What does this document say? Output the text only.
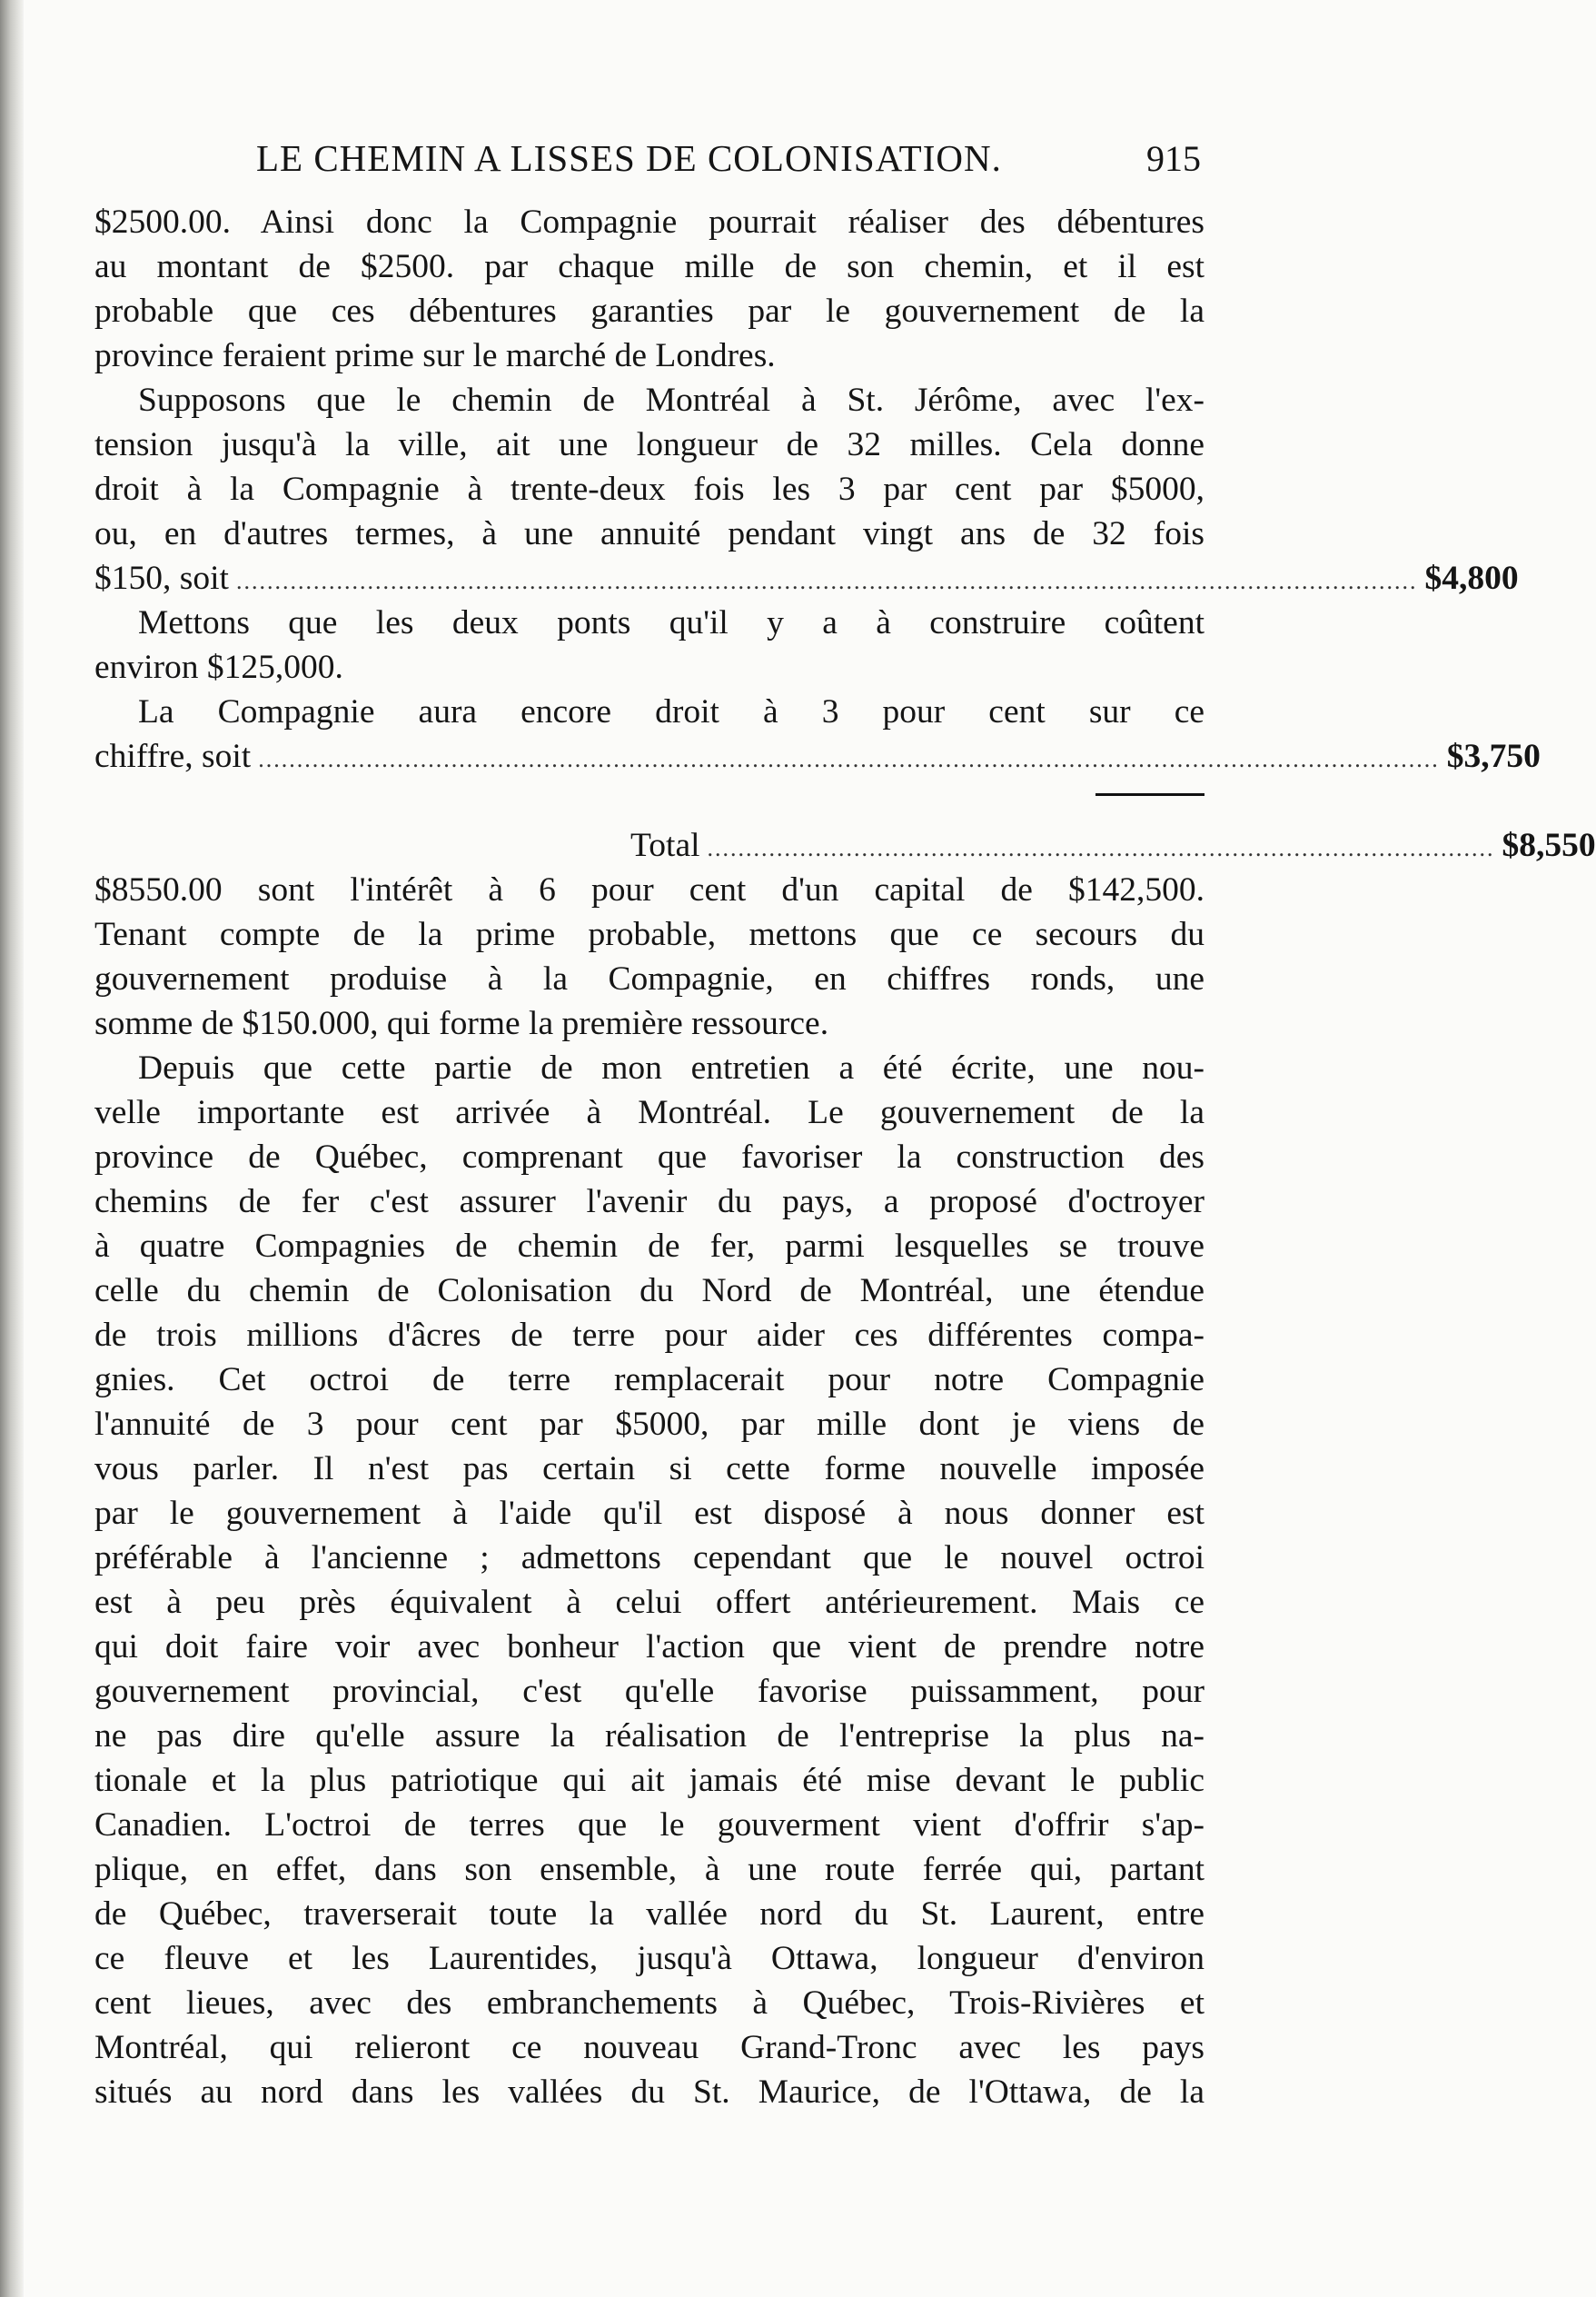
LE CHEMIN A LISSES DE COLONISATION.	915
$2500.00. Ainsi donc la Compagnie pourrait réaliser des débentures
au montant de $2500. par chaque mille de son chemin, et il est
probable que ces débentures garanties par le gouvernement de la
province feraient prime sur le marché de Londres.
Supposons que le chemin de Montréal à St. Jérôme, avec l'ex-
tension jusqu'à la ville, ait une longueur de 32 milles. Cela donne
droit à la Compagnie à trente-deux fois les 3 par cent par $5000,
ou, en d'autres termes, à une annuité pendant vingt ans de 32 fois
$150, soit ......................................................................................................................................................... $4,800
Mettons que les deux ponts qu'il y a à construire coûtent
environ $125,000.
La Compagnie aura encore droit à 3 pour cent sur ce
chiffre, soit ......................................................................................................................................................... $3,750
Total ...................................................................................................... $8,550
$8550.00 sont l'intérêt à 6 pour cent d'un capital de $142,500.
Tenant compte de la prime probable, mettons que ce secours du
gouvernement produise à la Compagnie, en chiffres ronds, une
somme de $150.000, qui forme la première ressource.
Depuis que cette partie de mon entretien a été écrite, une nou-
velle importante est arrivée à Montréal. Le gouvernement de la
province de Québec, comprenant que favoriser la construction des
chemins de fer c'est assurer l'avenir du pays, a proposé d'octroyer
à quatre Compagnies de chemin de fer, parmi lesquelles se trouve
celle du chemin de Colonisation du Nord de Montréal, une étendue
de trois millions d'âcres de terre pour aider ces différentes compa-
gnies. Cet octroi de terre remplacerait pour notre Compagnie
l'annuité de 3 pour cent par $5000, par mille dont je viens de
vous parler. Il n'est pas certain si cette forme nouvelle imposée
par le gouvernement à l'aide qu'il est disposé à nous donner est
préférable à l'ancienne ; admettons cependant que le nouvel octroi
est à peu près équivalent à celui offert antérieurement. Mais ce
qui doit faire voir avec bonheur l'action que vient de prendre notre
gouvernement provincial, c'est qu'elle favorise puissamment, pour
ne pas dire qu'elle assure la réalisation de l'entreprise la plus na-
tionale et la plus patriotique qui ait jamais été mise devant le public
Canadien. L'octroi de terres que le gouverment vient d'offrir s'ap-
plique, en effet, dans son ensemble, à une route ferrée qui, partant
de Québec, traverserait toute la vallée nord du St. Laurent, entre
ce fleuve et les Laurentides, jusqu'à Ottawa, longueur d'environ
cent lieues, avec des embranchements à Québec, Trois-Rivières et
Montréal, qui relieront ce nouveau Grand-Tronc avec les pays
situés au nord dans les vallées du St. Maurice, de l'Ottawa, de la
